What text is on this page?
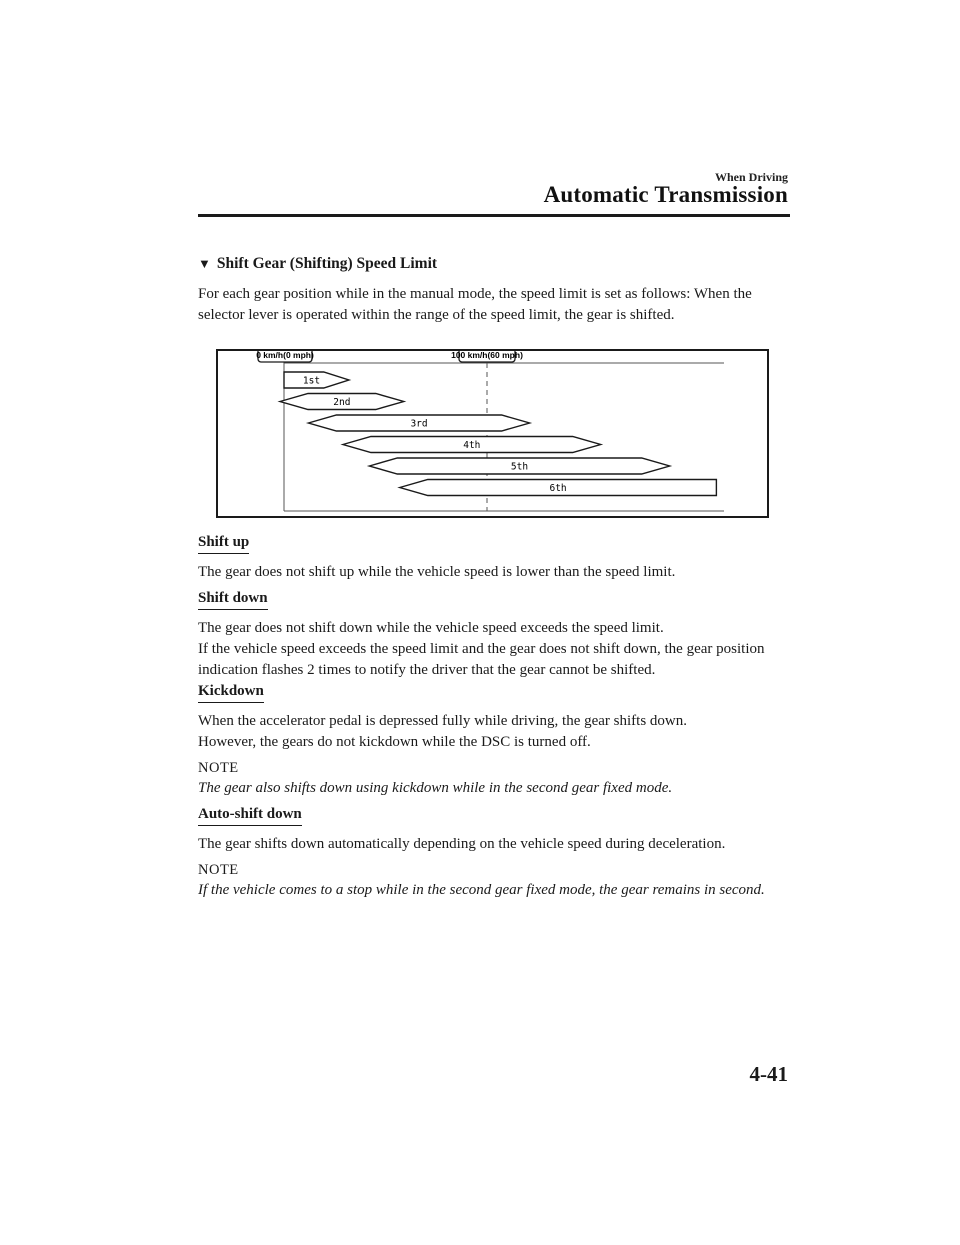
When Driving
Automatic Transmission
▼ Shift Gear (Shifting) Speed Limit

For each gear position while in the manual mode, the speed limit is set as follows: When the selector lever is operated within the range of the speed limit, the gear is shifted.

0 km/h(0 mph)	100 km/h(60 mph)
1st
2nd
3rd
4th
5th
6th
Shift up

The gear does not shift up while the vehicle speed is lower than the speed limit.

Shift down

The gear does not shift down while the vehicle speed exceeds the speed limit.

If the vehicle speed exceeds the speed limit and the gear does not shift down, the gear position indication flashes 2 times to notify the driver that the gear cannot be shifted.

Kickdown

When the accelerator pedal is depressed fully while driving, the gear shifts down.

However, the gears do not kickdown while the DSC is turned off.

NOTE

The gear also shifts down using kickdown while in the second gear fixed mode.

Auto-shift down

The gear shifts down automatically depending on the vehicle speed during deceleration.

NOTE

If the vehicle comes to a stop while in the second gear fixed mode, the gear remains in second.

4-41
